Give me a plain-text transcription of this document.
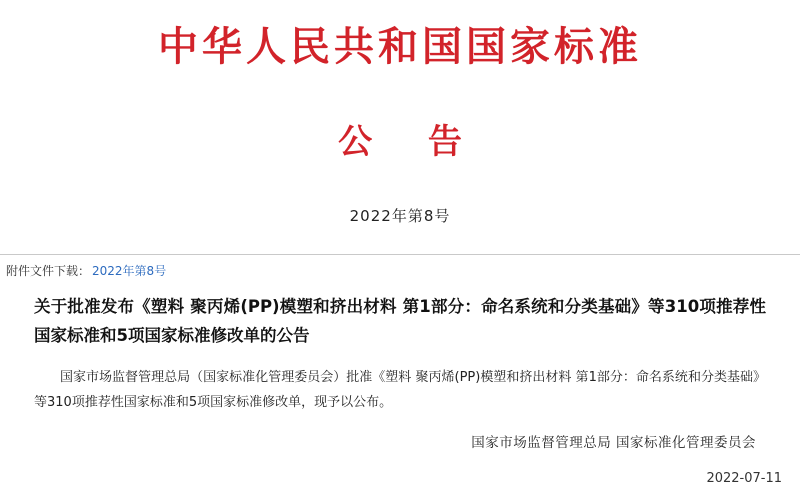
中华人民共和国国家标准
公 告
2022年第8号
附件文件下载： 2022年第8号
关于批准发布《塑料 聚丙烯(PP)模塑和挤出材料 第1部分：命名系统和分类基础》等310项推荐性国家标准和5项国家标准修改单的公告
国家市场监督管理总局（国家标准化管理委员会）批准《塑料 聚丙烯(PP)模塑和挤出材料 第1部分：命名系统和分类基础》等310项推荐性国家标准和5项国家标准修改单，现予以公布。
国家市场监督管理总局 国家标准化管理委员会
2022-07-11
